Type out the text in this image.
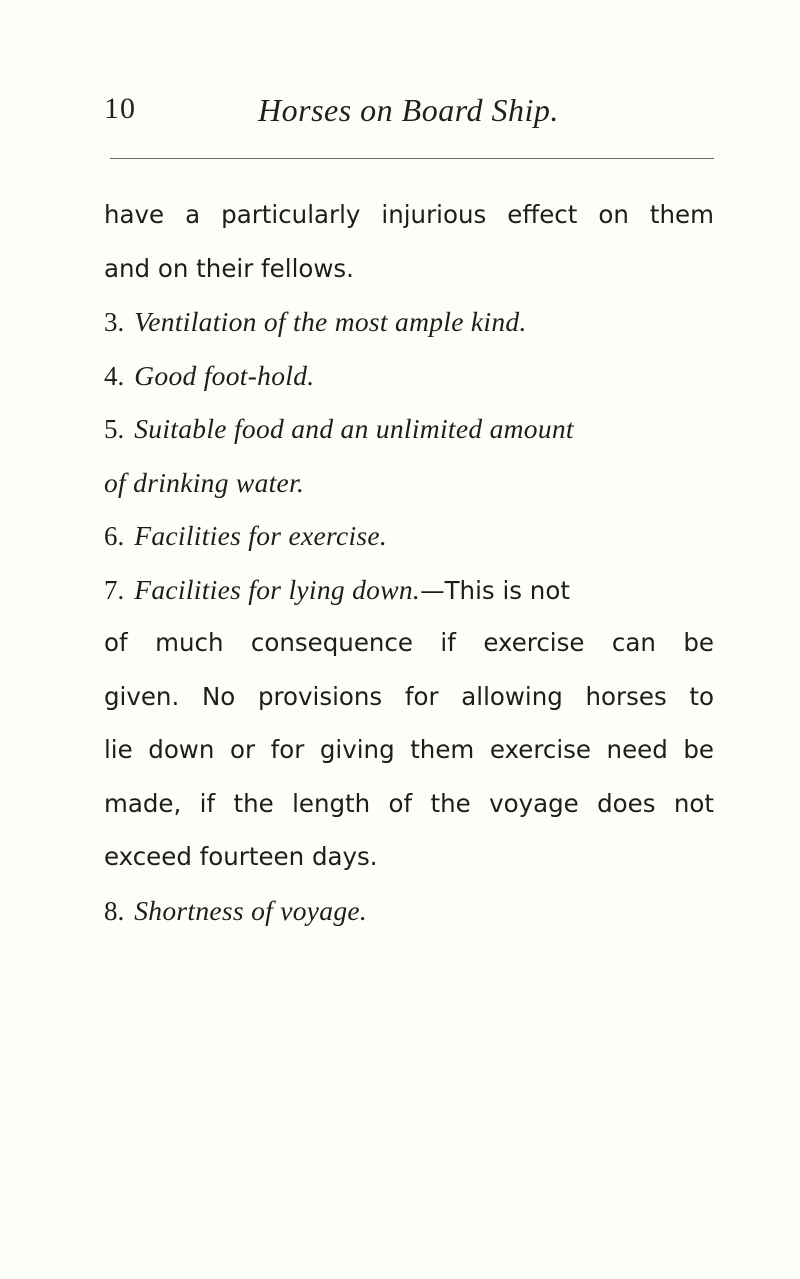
10	Horses on Board Ship.
have a particularly injurious effect on them
and on their fellows.
3. Ventilation of the most ample kind.
4. Good foot-hold.
5. Suitable food and an unlimited amount
of drinking water.
6. Facilities for exercise.
7. Facilities for lying down.—This is not
of much consequence if exercise can be
given. No provisions for allowing horses to
lie down or for giving them exercise need be
made, if the length of the voyage does not
exceed fourteen days.
8. Shortness of voyage.
